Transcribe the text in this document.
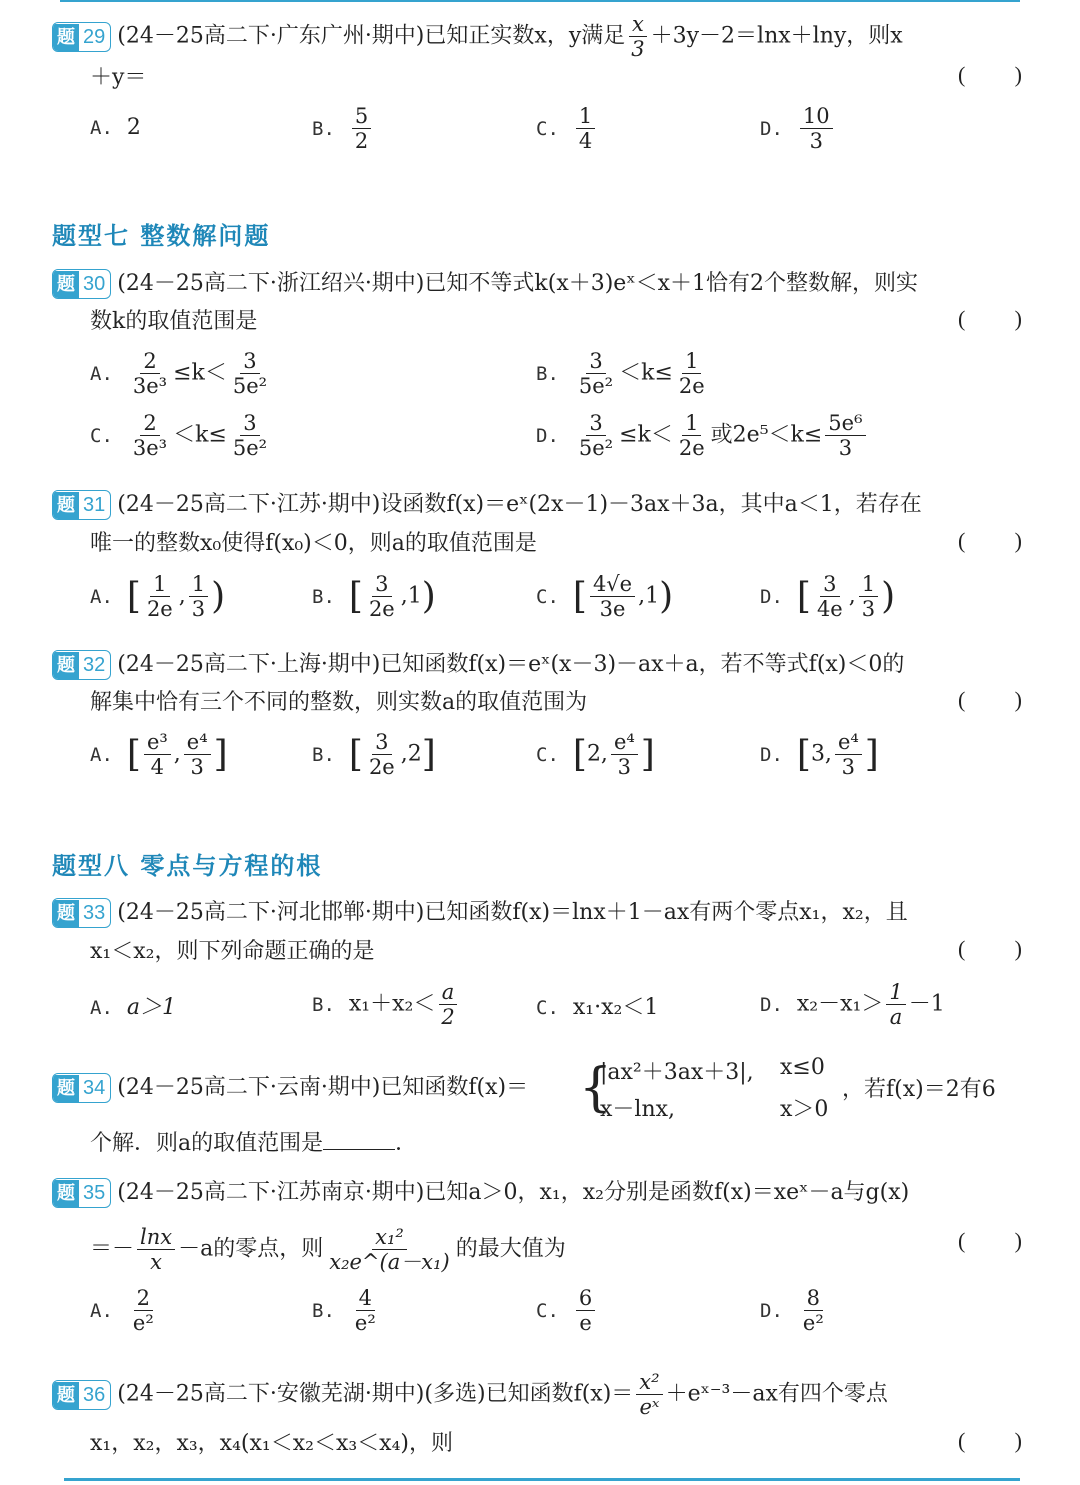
题 29 (24－25高二下·广东广州·期中)已知正实数x，y满足 $\frac{x}{3} +3y-2=\ln x+\ln y$，则x
＋y＝	( )
A. 2	B. $\frac{5}{2}$	C. $\frac{1}{4}$	D. $\frac{10}{3}$
题型七 整数解问题
题 30 (24－25高二下·浙江绍兴·期中)已知不等式k(x＋3)eˣ＜x＋1恰有2个整数解，则实
数k的取值范围是	( )
A. $\frac{2}{\text{3e³}} \le k< \frac{3}{\text{5e²}}$	B. $\frac{3}{\text{5e²}} <k\le \frac{1}{2e}$
C. $\frac{2}{\text{3e³}} <k\le \frac{3}{\text{5e²}}$	D. $\frac{3}{\text{5e²}} \le k< \frac{1}{2e}$ 或$2e^5<k\le \frac{\text{5e⁶}}{3}$
题 31 (24－25高二下·江苏·期中)设函数f(x)＝eˣ(2x－1)－3ax＋3a，其中a＜1，若存在
唯一的整数x₀使得f(x₀)＜0，则a的取值范围是	( )
A. [ $\frac{1}{2e}$ , $\frac{1}{3}$ )	B. [ $\frac{3}{2e} ,1$)	C. [ $\frac{4√e}{3e} ,1$)	D. [ $\frac{3}{4e}$ , $\frac{1}{3}$ )
题 32 (24－25高二下·上海·期中)已知函数f(x)＝eˣ(x－3)－ax＋a，若不等式f(x)＜0的
解集中恰有三个不同的整数，则实数a的取值范围为	( )
A. [ $\frac{\text{e³}}{4}$ , $\frac{\text{e⁴}}{3}$ ]	B. [ $\frac{3}{2e} ,2$]	C. [2, $\frac{\text{e⁴}}{3}$ ]	D. [3, $\frac{\text{e⁴}}{3}$ ]
题型八 零点与方程的根
题 33 (24－25高二下·河北邯郸·期中)已知函数f(x)＝lnx＋1－ax有两个零点x₁，x₂，且
x₁＜x₂，则下列命题正确的是	( )
A. a＞1	B. $x_1+x_2< \frac{a}{2}$	C. x₁·x₂＜1	D. $x_2-x_1> \frac{1}{a} -1$
题 34 (24－25高二下·云南·期中)已知函数f(x)＝ {
|ax²＋3ax＋3|, x≤0
x－lnx,	x＞0
，若f(x)＝2有6
个解．则a的取值范围是	．
题 35 (24－25高二下·江苏南京·期中)已知a＞0，x₁，x₂分别是函数f(x)＝xeˣ－a与g(x)
＝－ $\frac{\ln x}{x} -a$的零点，则 $\frac{\text{x₁²}}{\text{x₂e\textasciicircum{}(a－x₁)}}$ 的最大值为	( )
A. $\frac{2}{\text{e²}}$	B. $\frac{4}{\text{e²}}$	C. $\frac{6}{e}$	D. $\frac{8}{\text{e²}}$
题 36 (24－25高二下·安徽芜湖·期中)(多选)已知函数$f(x)= \frac{\text{x²}}{\text{eˣ}}$ ＋eˣ⁻³－ax有四个零点
x₁，x₂，x₃，x₄(x₁＜x₂＜x₃＜x₄)，则	( )
